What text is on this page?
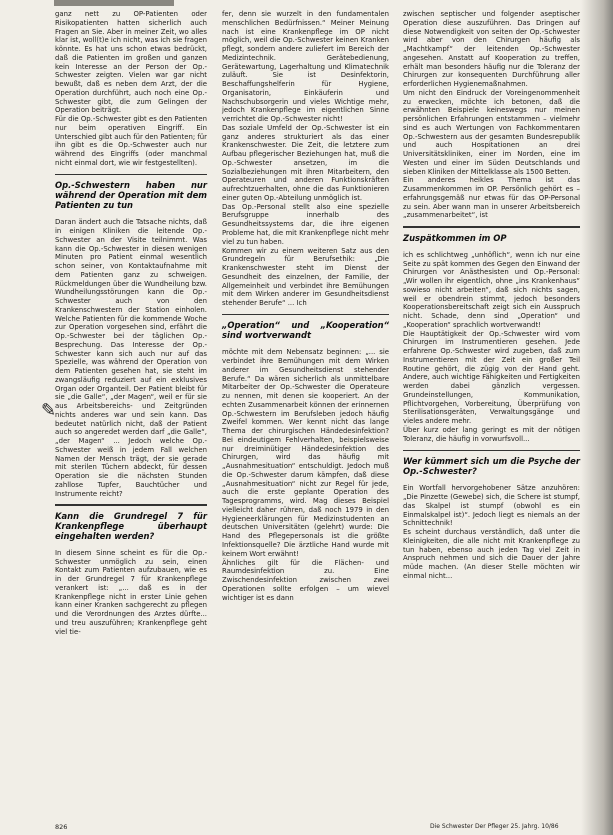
ganz nett zu OP-Patienten oder Risikopatienten hatten sicherlich auch Fragen an Sie. Aber in meiner Zeit, wo alles klar ist, woll(t)e ich nicht, was ich sie fragen könnte. Es hat uns schon etwas bedrückt, daß die Patienten im großen und ganzen kein Interesse an der Person der Op.-Schwester zeigten. Vielen war gar nicht bewußt, daß es neben dem Arzt, der die Operation durchführt, auch noch eine Op.-Schwester gibt, die zum Gelingen der Operation beiträgt.

Für die Op.-Schwester gibt es den Patienten nur beim operativen Eingriff. Ein Unterschied gibt auch für den Patienten; für ihn gibt es die Op.-Schwester auch nur während des Eingriffs (oder manchmal nicht einmal dort, wie wir festgestellten).

Op.-Schwestern haben nur während der Operation mit dem Patienten zu tun

Daran ändert auch die Tatsache nichts, daß in einigen Kliniken die leitende Op.-Schwester an der Visite teilnimmt. Was kann die Op.-Schwester in diesen wenigen Minuten pro Patient einmal wesentlich schon seiner, von Kontaktaufnahme mit dem Patienten ganz zu schweigen. Rückmeldungen über die Wundheilung bzw. Wundheilungsstörungen kann die Op.-Schwester auch von den Krankenschwestern der Station einholen. Welche Patienten für die kommende Woche zur Operation vorgesehen sind, erfährt die Op.-Schwester bei der täglichen Op.-Besprechung. Das Interesse der Op.-Schwester kann sich auch nur auf das Spezielle, was während der Operation von dem Patienten gesehen hat, sie steht im zwangsläufig reduziert auf ein exklusives Organ oder Organteil. Der Patient bleibt für sie „die Galle“, „der Magen“, weil er für sie aus Arbeitsbereichs- und Zeitgründen nichts anderes war und sein kann. Das bedeutet natürlich nicht, daß der Patient auch so angeredet werden darf „die Galle“, „der Magen“ ... Jedoch welche Op.-Schwester weiß in jedem Fall welchen Namen der Mensch trägt, der sie gerade mit sterilen Tüchern abdeckt, für dessen Operation sie die nächsten Stunden zahllose Tupfer, Bauchtücher und Instrumente reicht?

Kann die Grundregel 7 für Krankenpflege überhaupt eingehalten werden?

In diesem Sinne scheint es für die Op.-Schwester unmöglich zu sein, einen Kontakt zum Patienten aufzubauen, wie es in der Grundregel 7 für Krankenpflege verankert ist: „... daß es in der Krankenpflege nicht in erster Linie gehen kann einer Kranken sachgerecht zu pflegen und die Verordnungen des Arztes dürfte... und treu auszuführen; Krankenpflege geht viel tie-

fer, denn sie wurzelt in den fundamentalen menschlichen Bedürfnissen.“ Meiner Meinung nach ist eine Krankenpflege im OP nicht möglich, weil die Op.-Schwester keinen Kranken pflegt, sondern andere zuliefert im Bereich der Medizintechnik. Gerätebedienung, Gerätewartung, Lagerhaltung und Klimatechnik zuläuft. Sie ist Desinfektorin, Beschaffungshelferin für Hygiene, Organisatorin, Einkäuferin und Nachschubsorgerin und vieles Wichtige mehr, jedoch Krankenpflege im eigentlichen Sinne verrichtet die Op.-Schwester nicht!

Das soziale Umfeld der Op.-Schwester ist ein ganz anderes strukturiert als das einer Krankenschwester. Die Zeit, die letztere zum Aufbau pflegerischer Beziehungen hat, muß die Op.-Schwester ansetzen, im die Sozialbeziehungen mit ihren Mitarbeitern, den Operateuren und anderen Funktionskräften aufrechtzuerhalten, ohne die das Funktionieren einer guten Op.-Abteilung unmöglich ist.

Das Op.-Personal stellt also eine spezielle Berufsgruppe innerhalb des Gesundheitssystems dar, die ihre eigenen Probleme hat, die mit Krankenpflege nicht mehr viel zu tun haben.

Kommen wir zu einem weiteren Satz aus den Grundregeln für Berufsethik: „Die Krankenschwester steht im Dienst der Gesundheit des einzelnen, der Familie, der Allgemeinheit und verbindet ihre Bemühungen mit dem Wirken anderer im Gesundheitsdienst stehender Berufe“ ... Ich

„Operation“ und „Kooperation“ sind wortverwandt

möchte mit dem Nebensatz beginnen: „... sie verbindet ihre Bemühungen mit dem Wirken anderer im Gesundheitsdienst stehender Berufe.“ Da wären sicherlich als unmittelbare Mitarbeiter der Op.-Schwester die Operateure zu nennen, mit denen sie kooperiert. An der echten Zusammenarbeit können der erinnernen Op.-Schwestern im Berufsleben jedoch häufig Zweifel kommen. Wer kennt nicht das lange Thema der chirurgischen Händedesinfektion? Bei eindeutigem Fehlverhalten, beispielsweise nur dreiminütiger Händedesinfektion des Chirurgen, wird das häufig mit „Ausnahmesituation“ entschuldigt. Jedoch muß die Op.-Schwester darum kämpfen, daß diese „Ausnahmesituation“ nicht zur Regel für jede, auch die erste geplante Operation des Tagesprogramms, wird. Mag dieses Beispiel vielleicht daher rühren, daß noch 1979 in den Hygieneerklärungen für Medizinstudenten an deutschen Universitäten (gelehrt) wurde: Die Hand des Pflegepersonals ist die größte Infektionsquelle? Die ärztliche Hand wurde mit keinem Wort erwähnt!

Ähnliches gilt für die Flächen- und Raumdesinfektion zu. Eine Zwischendesinfektion zwischen zwei Operationen sollte erfolgen – um wievel wichtiger ist es dann

zwischen septischer und folgender aseptischer Operation diese auszuführen. Das Dringen auf diese Notwendigkeit von seiten der Op.-Schwester wird aber von den Chirurgen häufig als „Machtkampf“ der leitenden Op.-Schwester angesehen. Anstatt auf Kooperation zu treffen, erhält man besonders häufig nur die Toleranz der Chirurgen zur konsequenten Durchführung aller erforderlichen Hygienemaßnahmen.

Um nicht den Eindruck der Voreingenommenheit zu erwecken, möchte ich betonen, daß die erwähnten Beispiele keineswegs nur meinen persönlichen Erfahrungen entstammen – vielmehr sind es auch Wertungen von Fachkommentaren Op.-Schwestern aus der gesamten Bundesrepublik und auch Hospitationen an drei Universitätskliniken, einer im Norden, eine im Westen und einer im Süden Deutschlands und sieben Kliniken der Mittelklasse als 1500 Betten.

Ein anderes heikles Thema ist das Zusammenkommen im OP. Persönlich gehört es – erfahrungsgemäß nur etwas für das OP-Personal zu sein. Aber wann man in unserer Arbeitsbereich „zusammenarbeitet“, ist

Zuspätkommen im OP

ich es schlichtweg „unhöflich“, wenn ich nur eine Seite zu spät kommen des Gegen den Einwand der Chirurgen vor Anästhesisten und Op.-Personal: „Wir wollen ihr eigentlich, ohne „ins Krankenhaus“ sowieso nicht arbeiten“, daß sich nichts sagen, weil er obendrein stimmt, jedoch besonders Kooperationsbereitschaft zeigt sich ein Ausspruch nicht. Schade, denn sind „Operation“ und „Kooperation“ sprachlich wortverwandt!

Die Hauptätigkeit der Op.-Schwester wird vom Chirurgen im Instrumentieren gesehen. Jede erfahrene Op.-Schwester wird zugeben, daß zum Instrumentieren mit der Zeit ein großer Teil Routine gehört, die zügig von der Hand geht. Andere, auch wichtige Fähigkeiten und Fertigkeiten werden dabei gänzlich vergessen. Grundeinstellungen, Kommunikation, Pflichtvorgehen, Vorbereitung, Überprüfung von Sterilisationsgeräten, Verwaltungsgänge und vieles andere mehr.

Über kurz oder lang geringt es mit der nötigen Toleranz, die häufig in vorwurfsvoll...

Wer kümmert sich um die Psyche der Op.-Schwester?

Ein Wortfall hervorgehobener Sätze anzuhören: „Die Pinzette (Gewebe) sich, die Schere ist stumpf, das Skalpel ist stumpf (obwohl es ein Einmalskalpel ist)“. Jedoch liegt es niemals an der Schnittechnik!

Es scheint durchaus verständlich, daß unter die Kleinigkeiten, die alle nicht mit Krankenpflege zu tun haben, ebenso auch jeden Tag viel Zeit in Anspruch nehmen und sich die Dauer der Jahre müde machen. (An dieser Stelle möchten wir einmal nicht...

✎
826	Die Schwester Der Pfleger 25. Jahrg. 10/86
